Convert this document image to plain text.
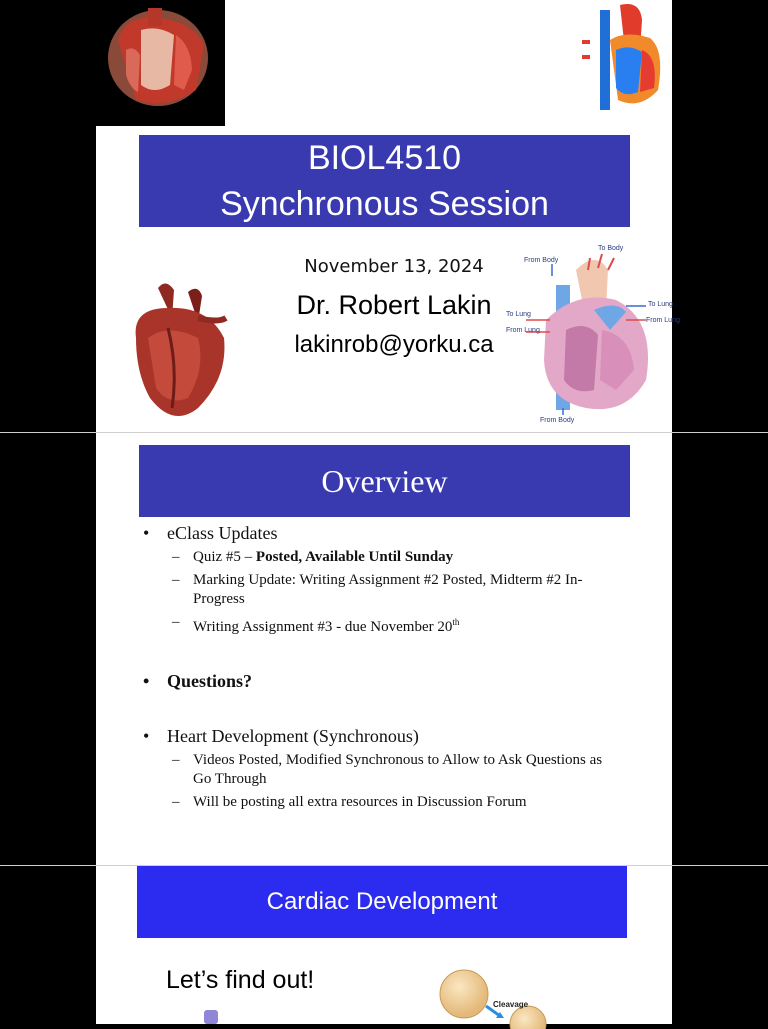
BIOL4510
Synchronous Session
November 13, 2024
Dr. Robert Lakin
lakinrob@yorku.ca
To Body
From Body
To Lung
To Lung
From Lung
From Lung
From Body
Overview

• eClass Updates

– Quiz #5 – Posted, Available Until Sunday

– Marking Update: Writing Assignment #2 Posted, Midterm #2 In-Progress

– Writing Assignment #3 - due November 20th

• Questions?

• Heart Development (Synchronous)

– Videos Posted, Modified Synchronous to Allow to Ask Questions as Go Through

– Will be posting all extra resources in Discussion Forum

Cardiac Development
Let’s find out!
Cleavage
